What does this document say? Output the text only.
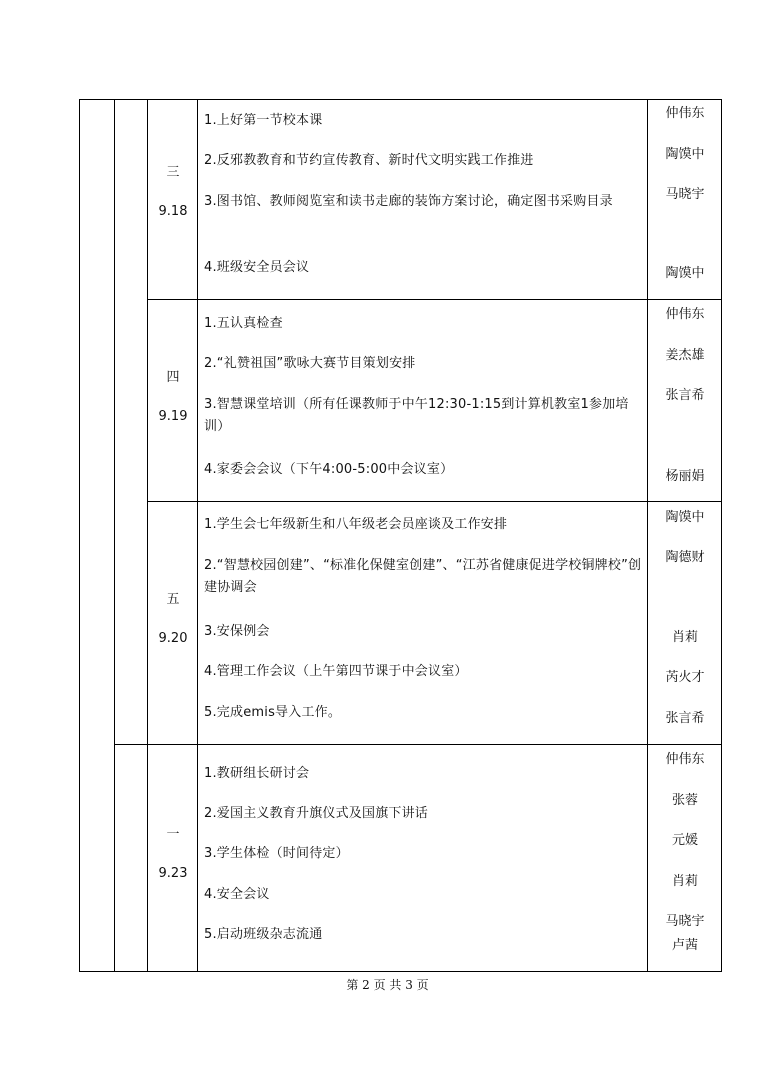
三
9.18
1.上好第一节校本课
2.反邪教教育和节约宣传教育、新时代文明实践工作推进
3.图书馆、教师阅览室和读书走廊的装饰方案讨论，确定图书采购目录
4.班级安全员会议
仲伟东
陶馍中
马晓宇
陶馍中
四
9.19
1.五认真检查
2.“礼赞祖国”歌咏大赛节目策划安排
3.智慧课堂培训（所有任课教师于中午12:30-1:15到计算机教室1参加培训）
4.家委会会议（下午4:00-5:00中会议室）
仲伟东
姜杰雄
张言希
杨丽娟
五
9.20
1.学生会七年级新生和八年级老会员座谈及工作安排
2.“智慧校园创建”、“标准化保健室创建”、“江苏省健康促进学校铜牌校”创建协调会
3.安保例会
4.管理工作会议（上午第四节课于中会议室）
5.完成emis导入工作。
陶馍中
陶德财
肖莉
芮火才
张言希
一
9.23
1.教研组长研讨会
2.爱国主义教育升旗仪式及国旗下讲话
3.学生体检（时间待定）
4.安全会议
5.启动班级杂志流通
仲伟东
张蓉
元媛
肖莉
马晓宇
卢茜
第 2 页 共 3 页
